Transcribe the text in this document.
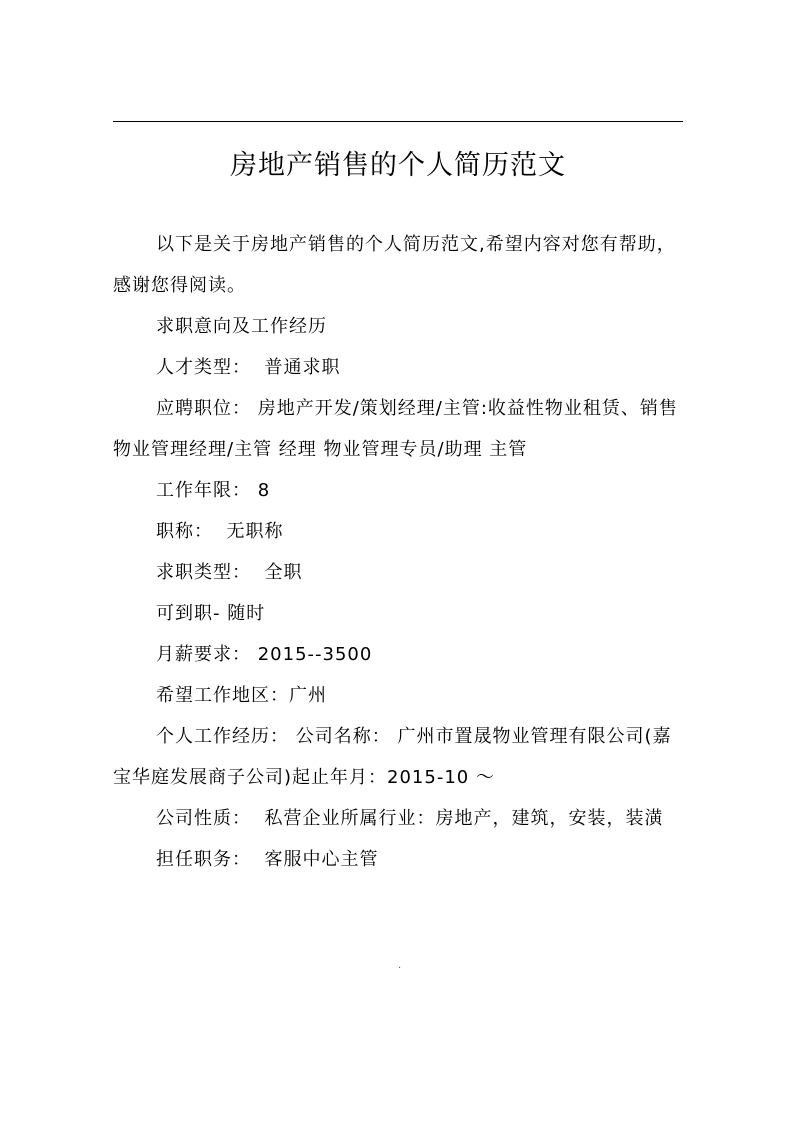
房地产销售的个人简历范文

以下是关于房地产销售的个人简历范文,希望内容对您有帮助，感谢您得阅读。

求职意向及工作经历

人才类型：  普通求职

应聘职位： 房地产开发/策划经理/主管:收益性物业租赁、销售 物业管理经理/主管 经理 物业管理专员/助理 主管

工作年限： 8

职称：  无职称

求职类型：  全职

可到职- 随时

月薪要求： 2015--3500

希望工作地区：广州

个人工作经历： 公司名称： 广州市置晟物业管理有限公司(嘉宝华庭发展商子公司)起止年月：2015-10 ～

公司性质：  私营企业所属行业：房地产，建筑，安装，装潢

担任职务：  客服中心主管

.
